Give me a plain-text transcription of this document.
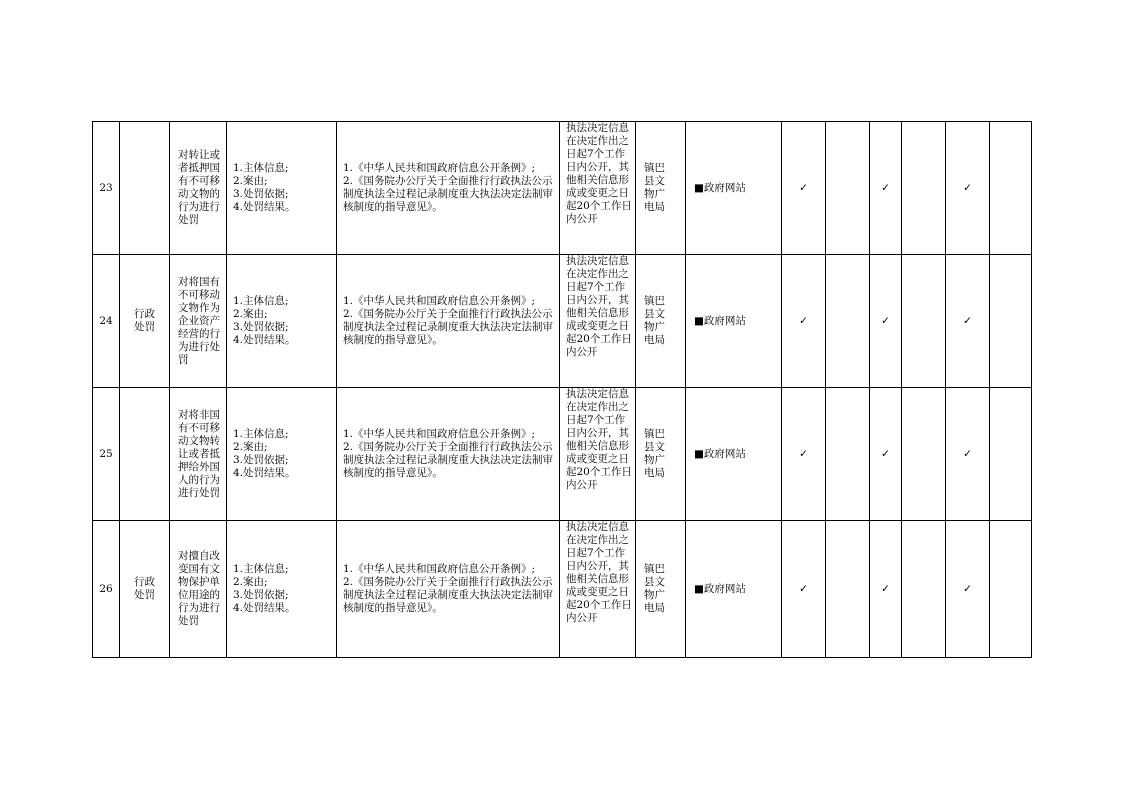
23		对转让或者抵押国有不可移动文物的行为进行处罚	1.主体信息;
2.案由;
3.处罚依据;
4.处罚结果。	1.《中华人民共和国政府信息公开条例》;
2.《国务院办公厅关于全面推行行政执法公示制度执法全过程记录制度重大执法决定法制审核制度的指导意见》。	执法决定信息在决定作出之日起7个工作日内公开，其他相关信息形成或变更之日起20个工作日内公开	镇巴县文物广电局	■政府网站	✓		✓		✓	
24	行政处罚	对将国有不可移动文物作为企业资产经营的行为进行处罚	1.主体信息;
2.案由;
3.处罚依据;
4.处罚结果。	1.《中华人民共和国政府信息公开条例》;
2.《国务院办公厅关于全面推行行政执法公示制度执法全过程记录制度重大执法决定法制审核制度的指导意见》。	执法决定信息在决定作出之日起7个工作日内公开，其他相关信息形成或变更之日起20个工作日内公开	镇巴县文物广电局	■政府网站	✓		✓		✓	
25		对将非国有不可移动文物转让或者抵押给外国人的行为进行处罚	1.主体信息;
2.案由;
3.处罚依据;
4.处罚结果。	1.《中华人民共和国政府信息公开条例》;
2.《国务院办公厅关于全面推行行政执法公示制度执法全过程记录制度重大执法决定法制审核制度的指导意见》。	执法决定信息在决定作出之日起7个工作日内公开，其他相关信息形成或变更之日起20个工作日内公开	镇巴县文物广电局	■政府网站	✓		✓		✓	
26	行政处罚	对擅自改变国有文物保护单位用途的行为进行处罚	1.主体信息;
2.案由;
3.处罚依据;
4.处罚结果。	1.《中华人民共和国政府信息公开条例》;
2.《国务院办公厅关于全面推行行政执法公示制度执法全过程记录制度重大执法决定法制审核制度的指导意见》。	执法决定信息在决定作出之日起7个工作日内公开，其他相关信息形成或变更之日起20个工作日内公开	镇巴县文物广电局	■政府网站	✓		✓		✓	
